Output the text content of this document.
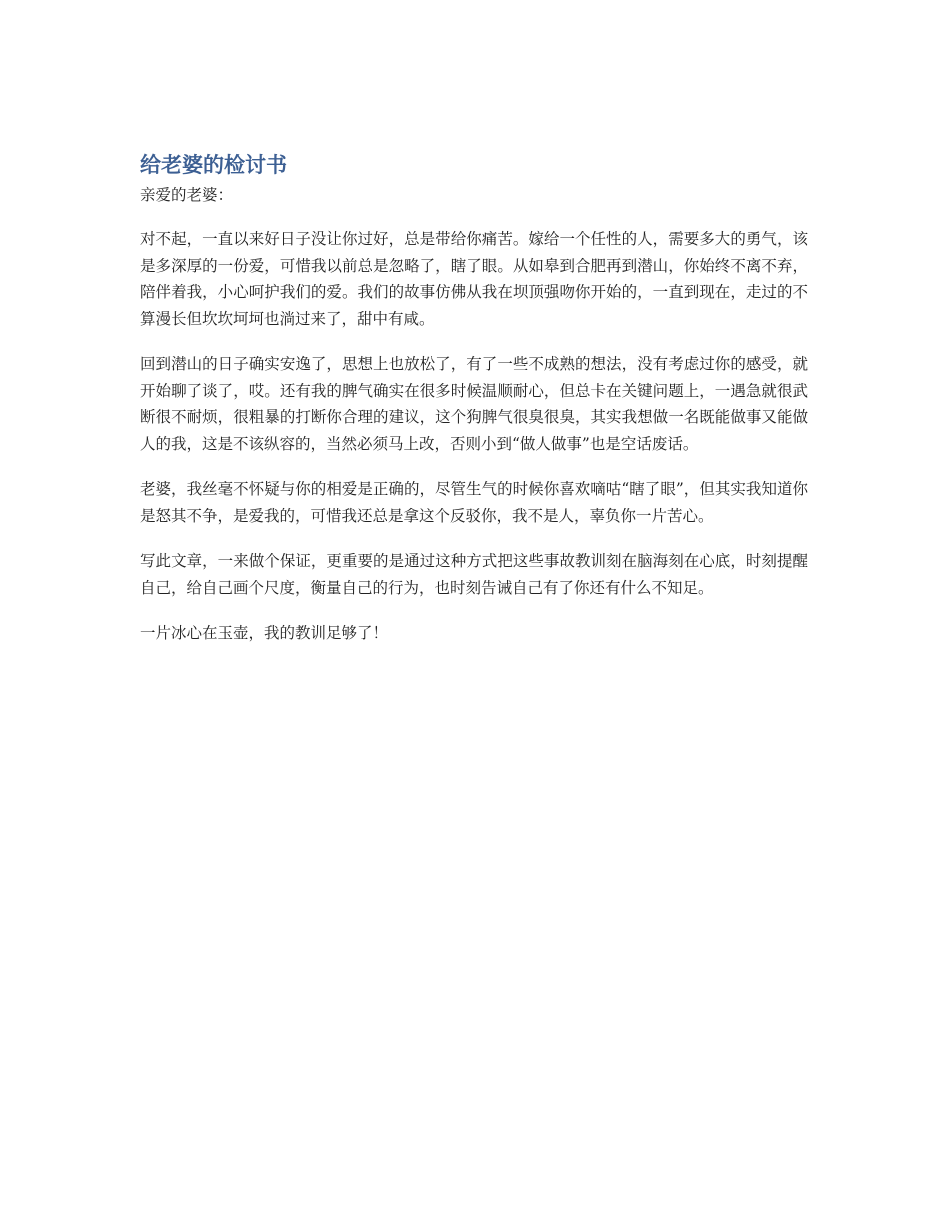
给老婆的检讨书

亲爱的老婆：

对不起，一直以来好日子没让你过好，总是带给你痛苦。嫁给一个任性的人，需要多大的勇气，该是多深厚的一份爱，可惜我以前总是忽略了，瞎了眼。从如皋到合肥再到潜山，你始终不离不弃，陪伴着我，小心呵护我们的爱。我们的故事仿佛从我在坝顶强吻你开始的，一直到现在，走过的不算漫长但坎坎坷坷也淌过来了，甜中有咸。

回到潜山的日子确实安逸了，思想上也放松了，有了一些不成熟的想法，没有考虑过你的感受，就开始聊了谈了，哎。还有我的脾气确实在很多时候温顺耐心，但总卡在关键问题上，一遇急就很武断很不耐烦，很粗暴的打断你合理的建议，这个狗脾气很臭很臭，其实我想做一名既能做事又能做人的我，这是不该纵容的，当然必须马上改，否则小到“做人做事”也是空话废话。

老婆，我丝毫不怀疑与你的相爱是正确的，尽管生气的时候你喜欢嘀咕“瞎了眼”，但其实我知道你是怒其不争，是爱我的，可惜我还总是拿这个反驳你，我不是人，辜负你一片苦心。

写此文章，一来做个保证，更重要的是通过这种方式把这些事故教训刻在脑海刻在心底，时刻提醒自己，给自己画个尺度，衡量自己的行为，也时刻告诫自己有了你还有什么不知足。

一片冰心在玉壶，我的教训足够了！
